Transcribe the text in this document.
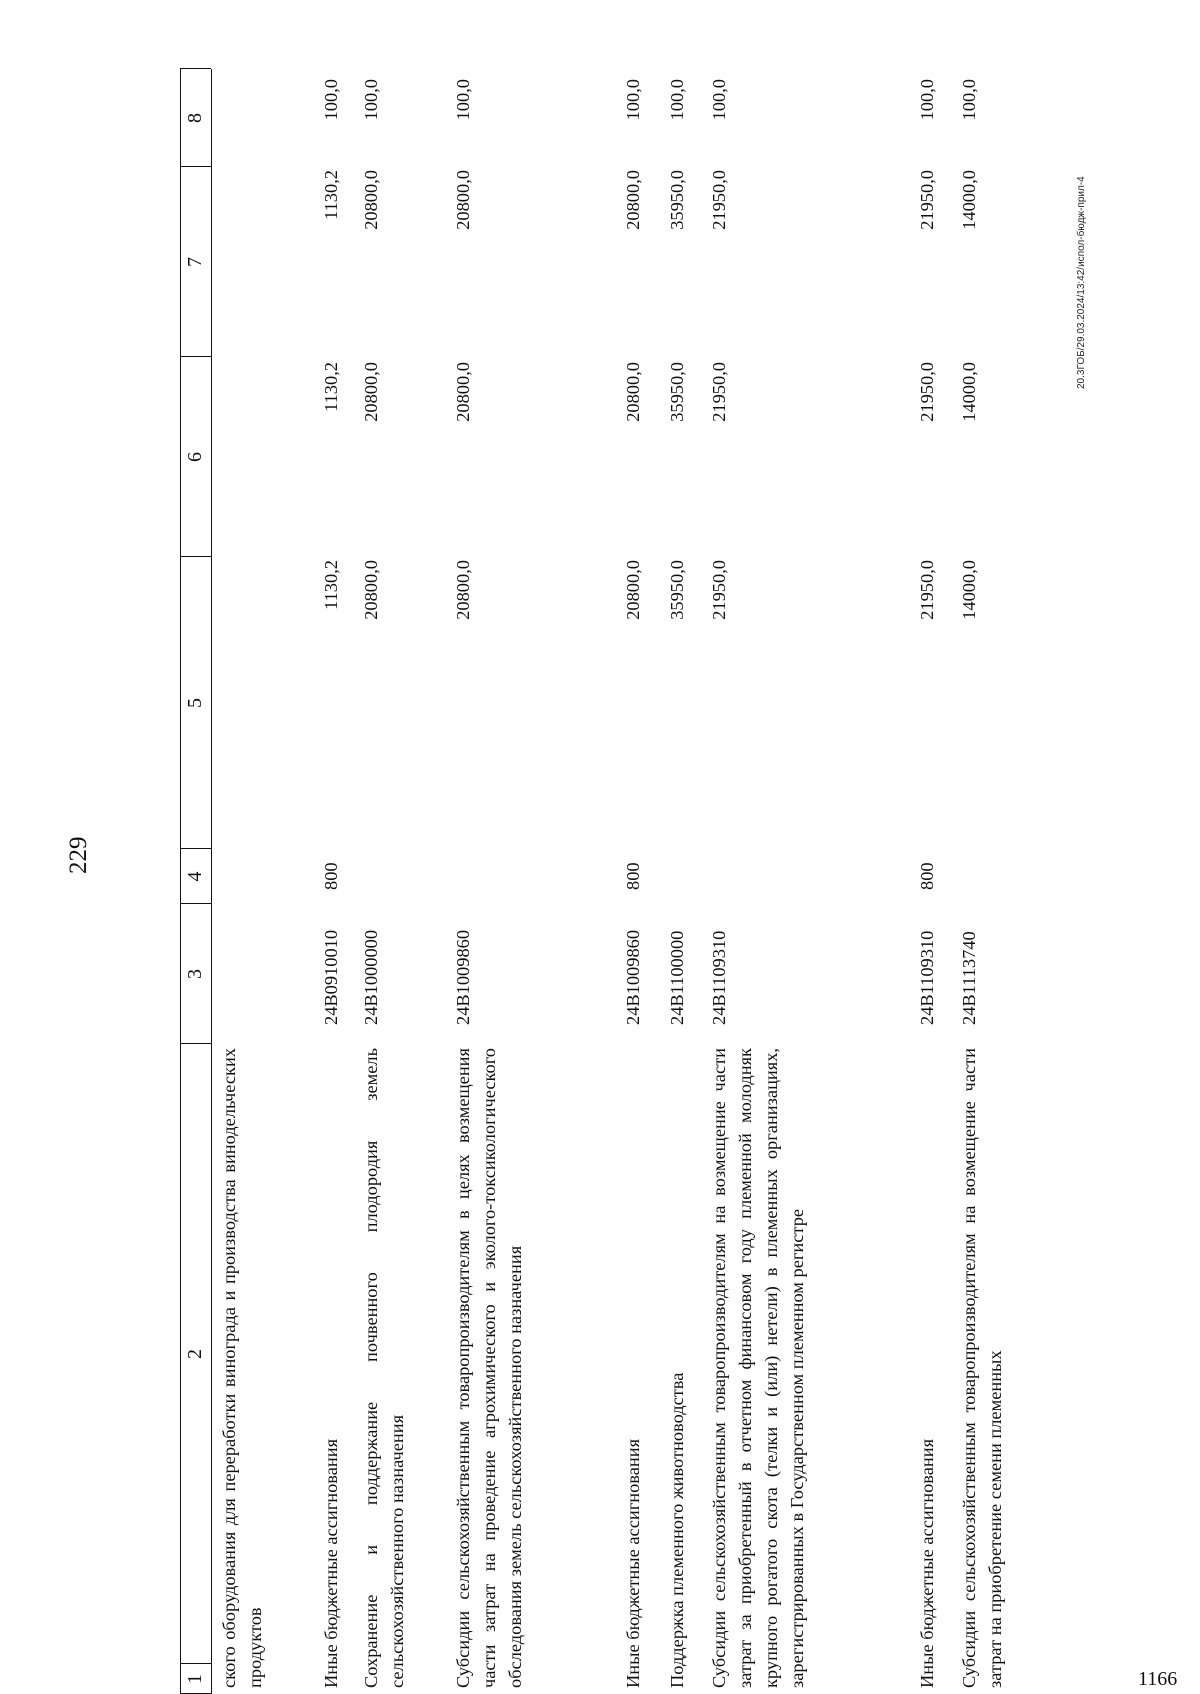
1166
229
1
2
3
4
5
6
7
8
ского оборудования для переработки винограда и производства винодельческих продуктов	Иные бюджетные ассигнования
24В0910010
800
1130,2
1130,2
1130,2
100,0
Сохранение и поддержание почвенного плодородия земель сельскохозяйственного назначения
24В1000000
20800,0
20800,0
20800,0
100,0
Субсидии сельскохозяйственным товаропроизводителям в целях возмещения части затрат на проведение агрохимического и эколого-токсикологического обследования земель сельскохозяйственного назначения
24В1009860
20800,0
20800,0
20800,0
100,0
Иные бюджетные ассигнования
24В1009860
800
20800,0
20800,0
20800,0
100,0
Поддержка племенного животноводства
24В1100000
35950,0
35950,0
35950,0
100,0
Субсидии сельскохозяйственным товаропроизводителям на возмещение части затрат за приобретенный в отчетном финансовом году племенной молодняк крупного рогатого скота (телки и (или) нетели) в племенных организациях, зарегистрированных в Государственном племенном регистре
24В1109310
21950,0
21950,0
21950,0
100,0
Иные бюджетные ассигнования
24В1109310
800
21950,0
21950,0
21950,0
100,0
Субсидии сельскохозяйственным товаропроизводителям на возмещение части затрат на приобретение семени племенных
24В1113740
14000,0
14000,0
14000,0
100,0
20.3ГОБ/29.03.2024/13:42/испол-бюдж-прил-4
